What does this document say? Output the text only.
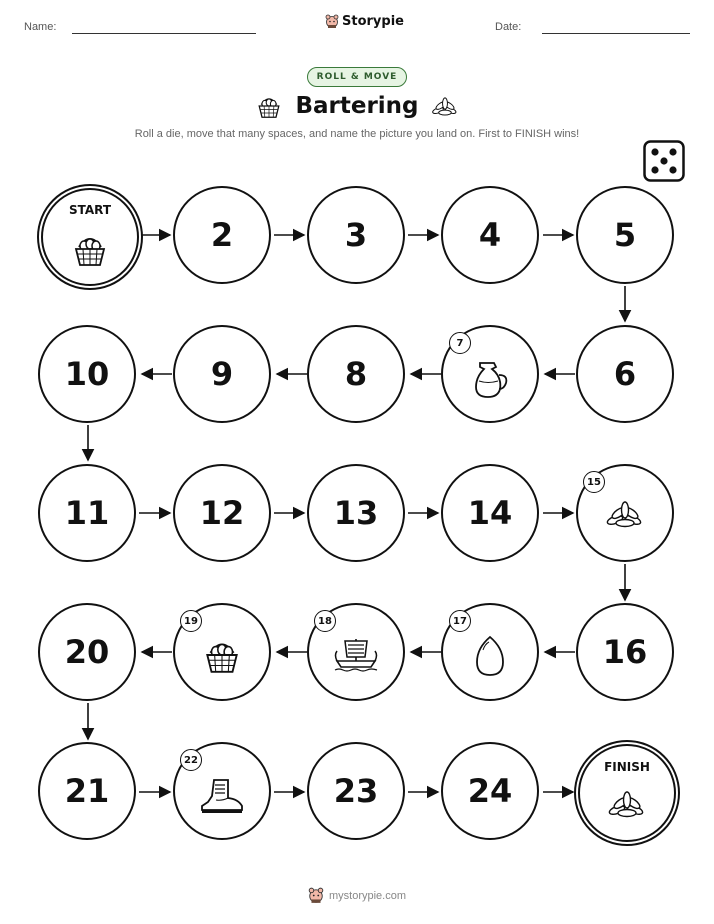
Name:	Storypie	Date:
ROLL & MOVE
Bartering
Roll a die, move that many spaces, and name the picture you land on. First to FINISH wins!
START
2	3	4	5
10	9	8
7
6
11	12	13	14
15
20
19	18	17
16
21
22
23	24
FINISH
mystorypie.com
